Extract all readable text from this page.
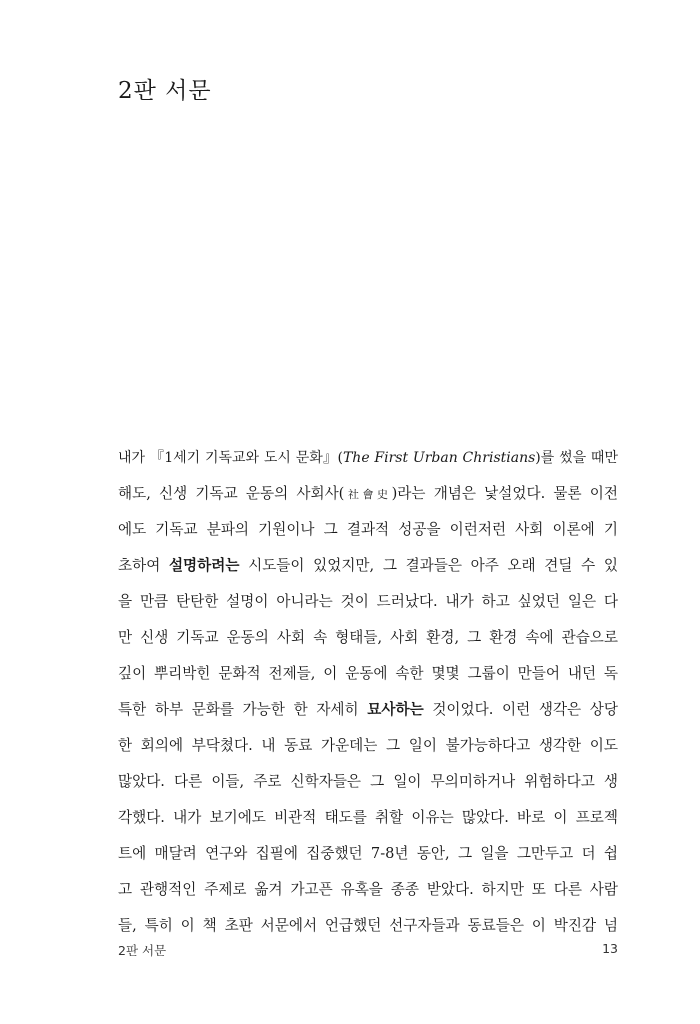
2판 서문
내가 『1세기 기독교와 도시 문화』(The First Urban Christians)를 썼을 때만
해도, 신생 기독교 운동의 사회사(社會史)라는 개념은 낯설었다. 물론 이전
에도 기독교 분파의 기원이나 그 결과적 성공을 이런저런 사회 이론에 기
초하여 설명하려는 시도들이 있었지만, 그 결과들은 아주 오래 견딜 수 있
을 만큼 탄탄한 설명이 아니라는 것이 드러났다. 내가 하고 싶었던 일은 다
만 신생 기독교 운동의 사회 속 형태들, 사회 환경, 그 환경 속에 관습으로
깊이 뿌리박힌 문화적 전제들, 이 운동에 속한 몇몇 그룹이 만들어 내던 독
특한 하부 문화를 가능한 한 자세히 묘사하는 것이었다. 이런 생각은 상당
한 회의에 부닥쳤다. 내 동료 가운데는 그 일이 불가능하다고 생각한 이도
많았다. 다른 이들, 주로 신학자들은 그 일이 무의미하거나 위험하다고 생
각했다. 내가 보기에도 비관적 태도를 취할 이유는 많았다. 바로 이 프로젝
트에 매달려 연구와 집필에 집중했던 7-8년 동안, 그 일을 그만두고 더 쉽
고 관행적인 주제로 옮겨 가고픈 유혹을 종종 받았다. 하지만 또 다른 사람
들, 특히 이 책 초판 서문에서 언급했던 선구자들과 동료들은 이 박진감 넘
2판 서문	13
